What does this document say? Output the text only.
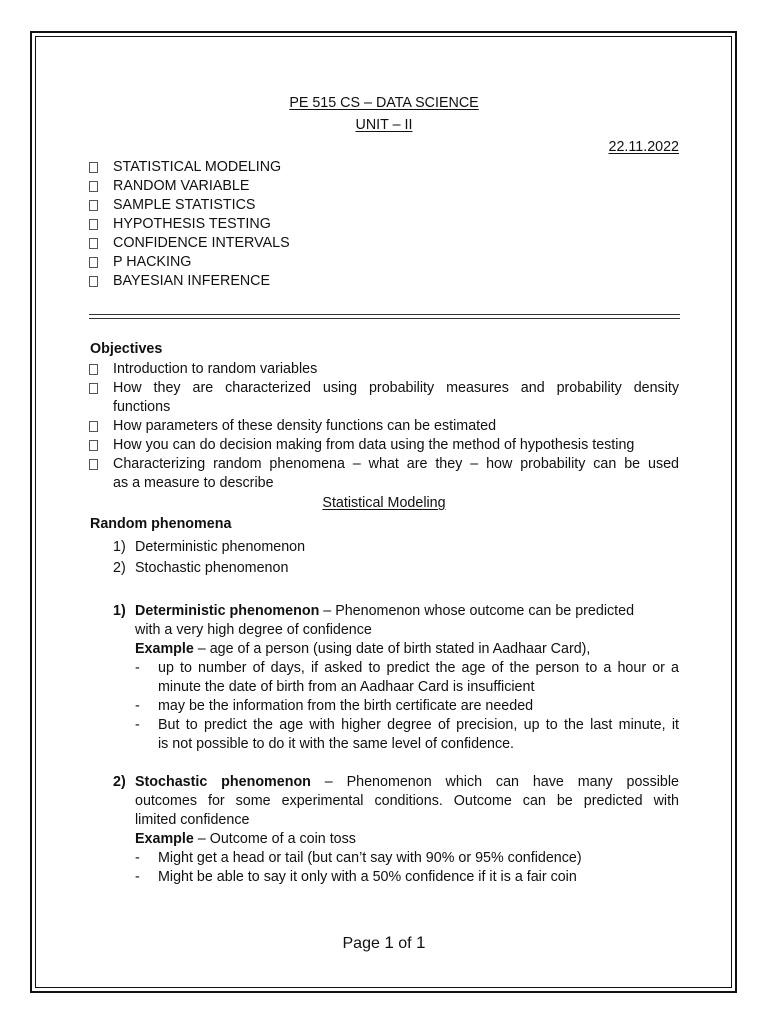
PE 515 CS – DATA SCIENCE
UNIT – II
22.11.2022
STATISTICAL MODELING
RANDOM VARIABLE
SAMPLE STATISTICS
HYPOTHESIS TESTING
CONFIDENCE INTERVALS
P HACKING
BAYESIAN INFERENCE
Objectives
Introduction to random variables
How they are characterized using probability measures and probability density
functions
How parameters of these density functions can be estimated
How you can do decision making from data using the method of hypothesis testing
Characterizing random phenomena – what are they – how probability can be used
as a measure to describe
Statistical Modeling
Random phenomena
1) Deterministic phenomenon
2) Stochastic phenomenon
1) Deterministic phenomenon – Phenomenon whose outcome can be predicted
with a very high degree of confidence
Example – age of a person (using date of birth stated in Aadhaar Card),
- up to number of days, if asked to predict the age of the person to a hour or a
minute the date of birth from an Aadhaar Card is insufficient
- may be the information from the birth certificate are needed
- But to predict the age with higher degree of precision, up to the last minute, it
is not possible to do it with the same level of confidence.
2) Stochastic phenomenon – Phenomenon which can have many possible
outcomes for some experimental conditions. Outcome can be predicted with
limited confidence
Example – Outcome of a coin toss
- Might get a head or tail (but can’t say with 90% or 95% confidence)
- Might be able to say it only with a 50% confidence if it is a fair coin
Page 1 of 1
